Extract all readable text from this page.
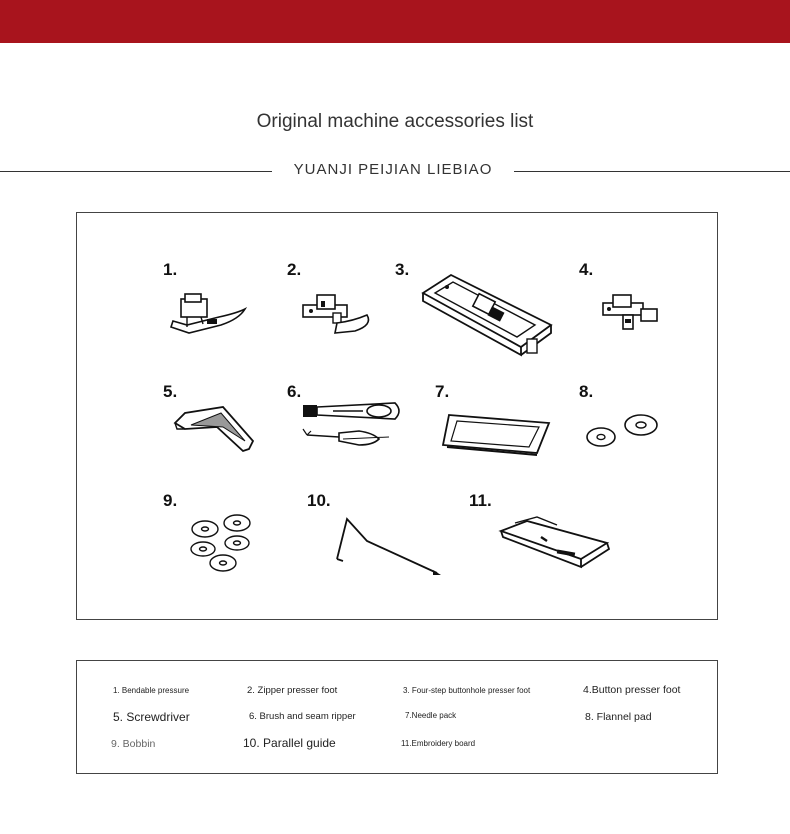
Original machine accessories list
YUANJI PEIJIAN LIEBIAO
1.	2.	3.	4.
5.	6.	7.	8.
9.	10.	11.
1. Bendable pressure	2. Zipper presser foot	3. Four-step buttonhole presser foot	4.Button presser foot
5. Screwdriver	6. Brush and seam ripper	7.Needle pack	8. Flannel pad
9. Bobbin	10. Parallel guide	11.Embroidery board
